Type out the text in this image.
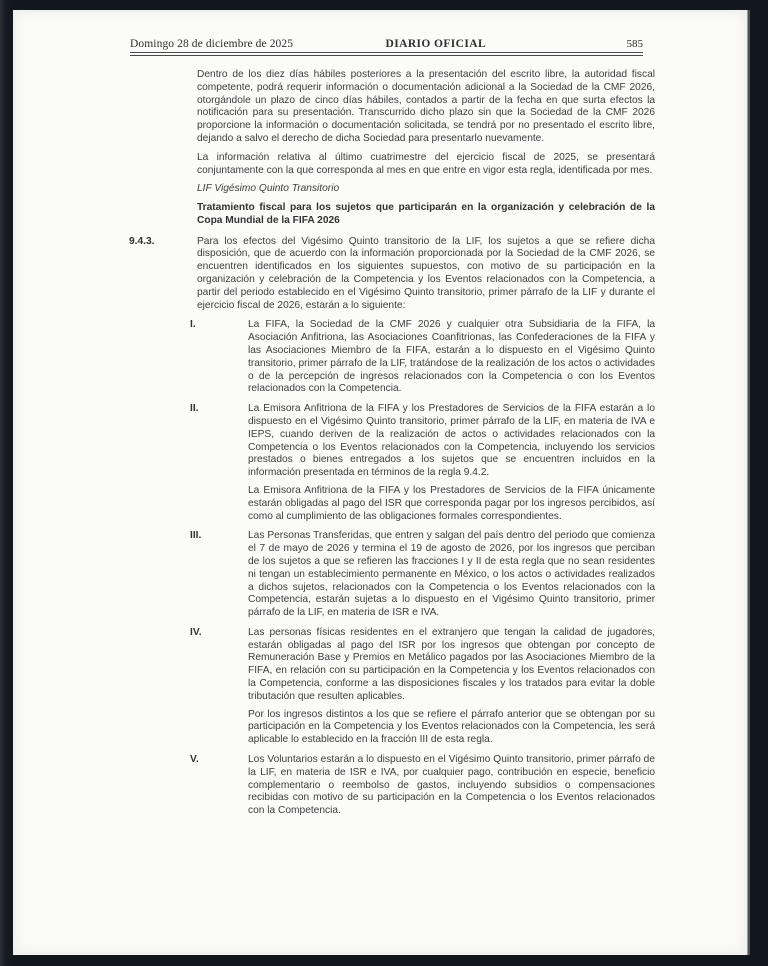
Domingo 28 de diciembre de 2025	DIARIO OFICIAL	585

Dentro de los diez días hábiles posteriores a la presentación del escrito libre, la autoridad fiscal competente, podrá requerir información o documentación adicional a la Sociedad de la CMF 2026, otorgándole un plazo de cinco días hábiles, contados a partir de la fecha en que surta efectos la notificación para su presentación. Transcurrido dicho plazo sin que la Sociedad de la CMF 2026 proporcione la información o documentación solicitada, se tendrá por no presentado el escrito libre, dejando a salvo el derecho de dicha Sociedad para presentarlo nuevamente.

La información relativa al último cuatrimestre del ejercicio fiscal de 2025, se presentará conjuntamente con la que corresponda al mes en que entre en vigor esta regla, identificada por mes.

LIF Vigésimo Quinto Transitorio

Tratamiento fiscal para los sujetos que participarán en la organización y celebración de la Copa Mundial de la FIFA 2026

9.4.3.	Para los efectos del Vigésimo Quinto transitorio de la LIF, los sujetos a que se refiere dicha disposición, que de acuerdo con la información proporcionada por la Sociedad de la CMF 2026, se encuentren identificados en los siguientes supuestos, con motivo de su participación en la organización y celebración de la Competencia y los Eventos relacionados con la Competencia, a partir del periodo establecido en el Vigésimo Quinto transitorio, primer párrafo de la LIF y durante el ejercicio fiscal de 2026, estarán a lo siguiente:

I.	La FIFA, la Sociedad de la CMF 2026 y cualquier otra Subsidiaria de la FIFA, la Asociación Anfitriona, las Asociaciones Coanfitrionas, las Confederaciones de la FIFA y las Asociaciones Miembro de la FIFA, estarán a lo dispuesto en el Vigésimo Quinto transitorio, primer párrafo de la LIF, tratándose de la realización de los actos o actividades o de la percepción de ingresos relacionados con la Competencia o con los Eventos relacionados con la Competencia.

II.	La Emisora Anfitriona de la FIFA y los Prestadores de Servicios de la FIFA estarán a lo dispuesto en el Vigésimo Quinto transitorio, primer párrafo de la LIF, en materia de IVA e IEPS, cuando deriven de la realización de actos o actividades relacionados con la Competencia o los Eventos relacionados con la Competencia, incluyendo los servicios prestados o bienes entregados a los sujetos que se encuentren incluidos en la información presentada en términos de la regla 9.4.2.

La Emisora Anfitriona de la FIFA y los Prestadores de Servicios de la FIFA únicamente estarán obligadas al pago del ISR que corresponda pagar por los ingresos percibidos, así como al cumplimiento de las obligaciones formales correspondientes.

III.	Las Personas Transferidas, que entren y salgan del país dentro del periodo que comienza el 7 de mayo de 2026 y termina el 19 de agosto de 2026, por los ingresos que perciban de los sujetos a que se refieren las fracciones I y II de esta regla que no sean residentes ni tengan un establecimiento permanente en México, o los actos o actividades realizados a dichos sujetos, relacionados con la Competencia o los Eventos relacionados con la Competencia, estarán sujetas a lo dispuesto en el Vigésimo Quinto transitorio, primer párrafo de la LIF, en materia de ISR e IVA.

IV.	Las personas físicas residentes en el extranjero que tengan la calidad de jugadores, estarán obligadas al pago del ISR por los ingresos que obtengan por concepto de Remuneración Base y Premios en Metálico pagados por las Asociaciones Miembro de la FIFA, en relación con su participación en la Competencia y los Eventos relacionados con la Competencia, conforme a las disposiciones fiscales y los tratados para evitar la doble tributación que resulten aplicables.

Por los ingresos distintos a los que se refiere el párrafo anterior que se obtengan por su participación en la Competencia y los Eventos relacionados con la Competencia, les será aplicable lo establecido en la fracción III de esta regla.

V.	Los Voluntarios estarán a lo dispuesto en el Vigésimo Quinto transitorio, primer párrafo de la LIF, en materia de ISR e IVA, por cualquier pago, contribución en especie, beneficio complementario o reembolso de gastos, incluyendo subsidios o compensaciones recibidas con motivo de su participación en la Competencia o los Eventos relacionados con la Competencia.
